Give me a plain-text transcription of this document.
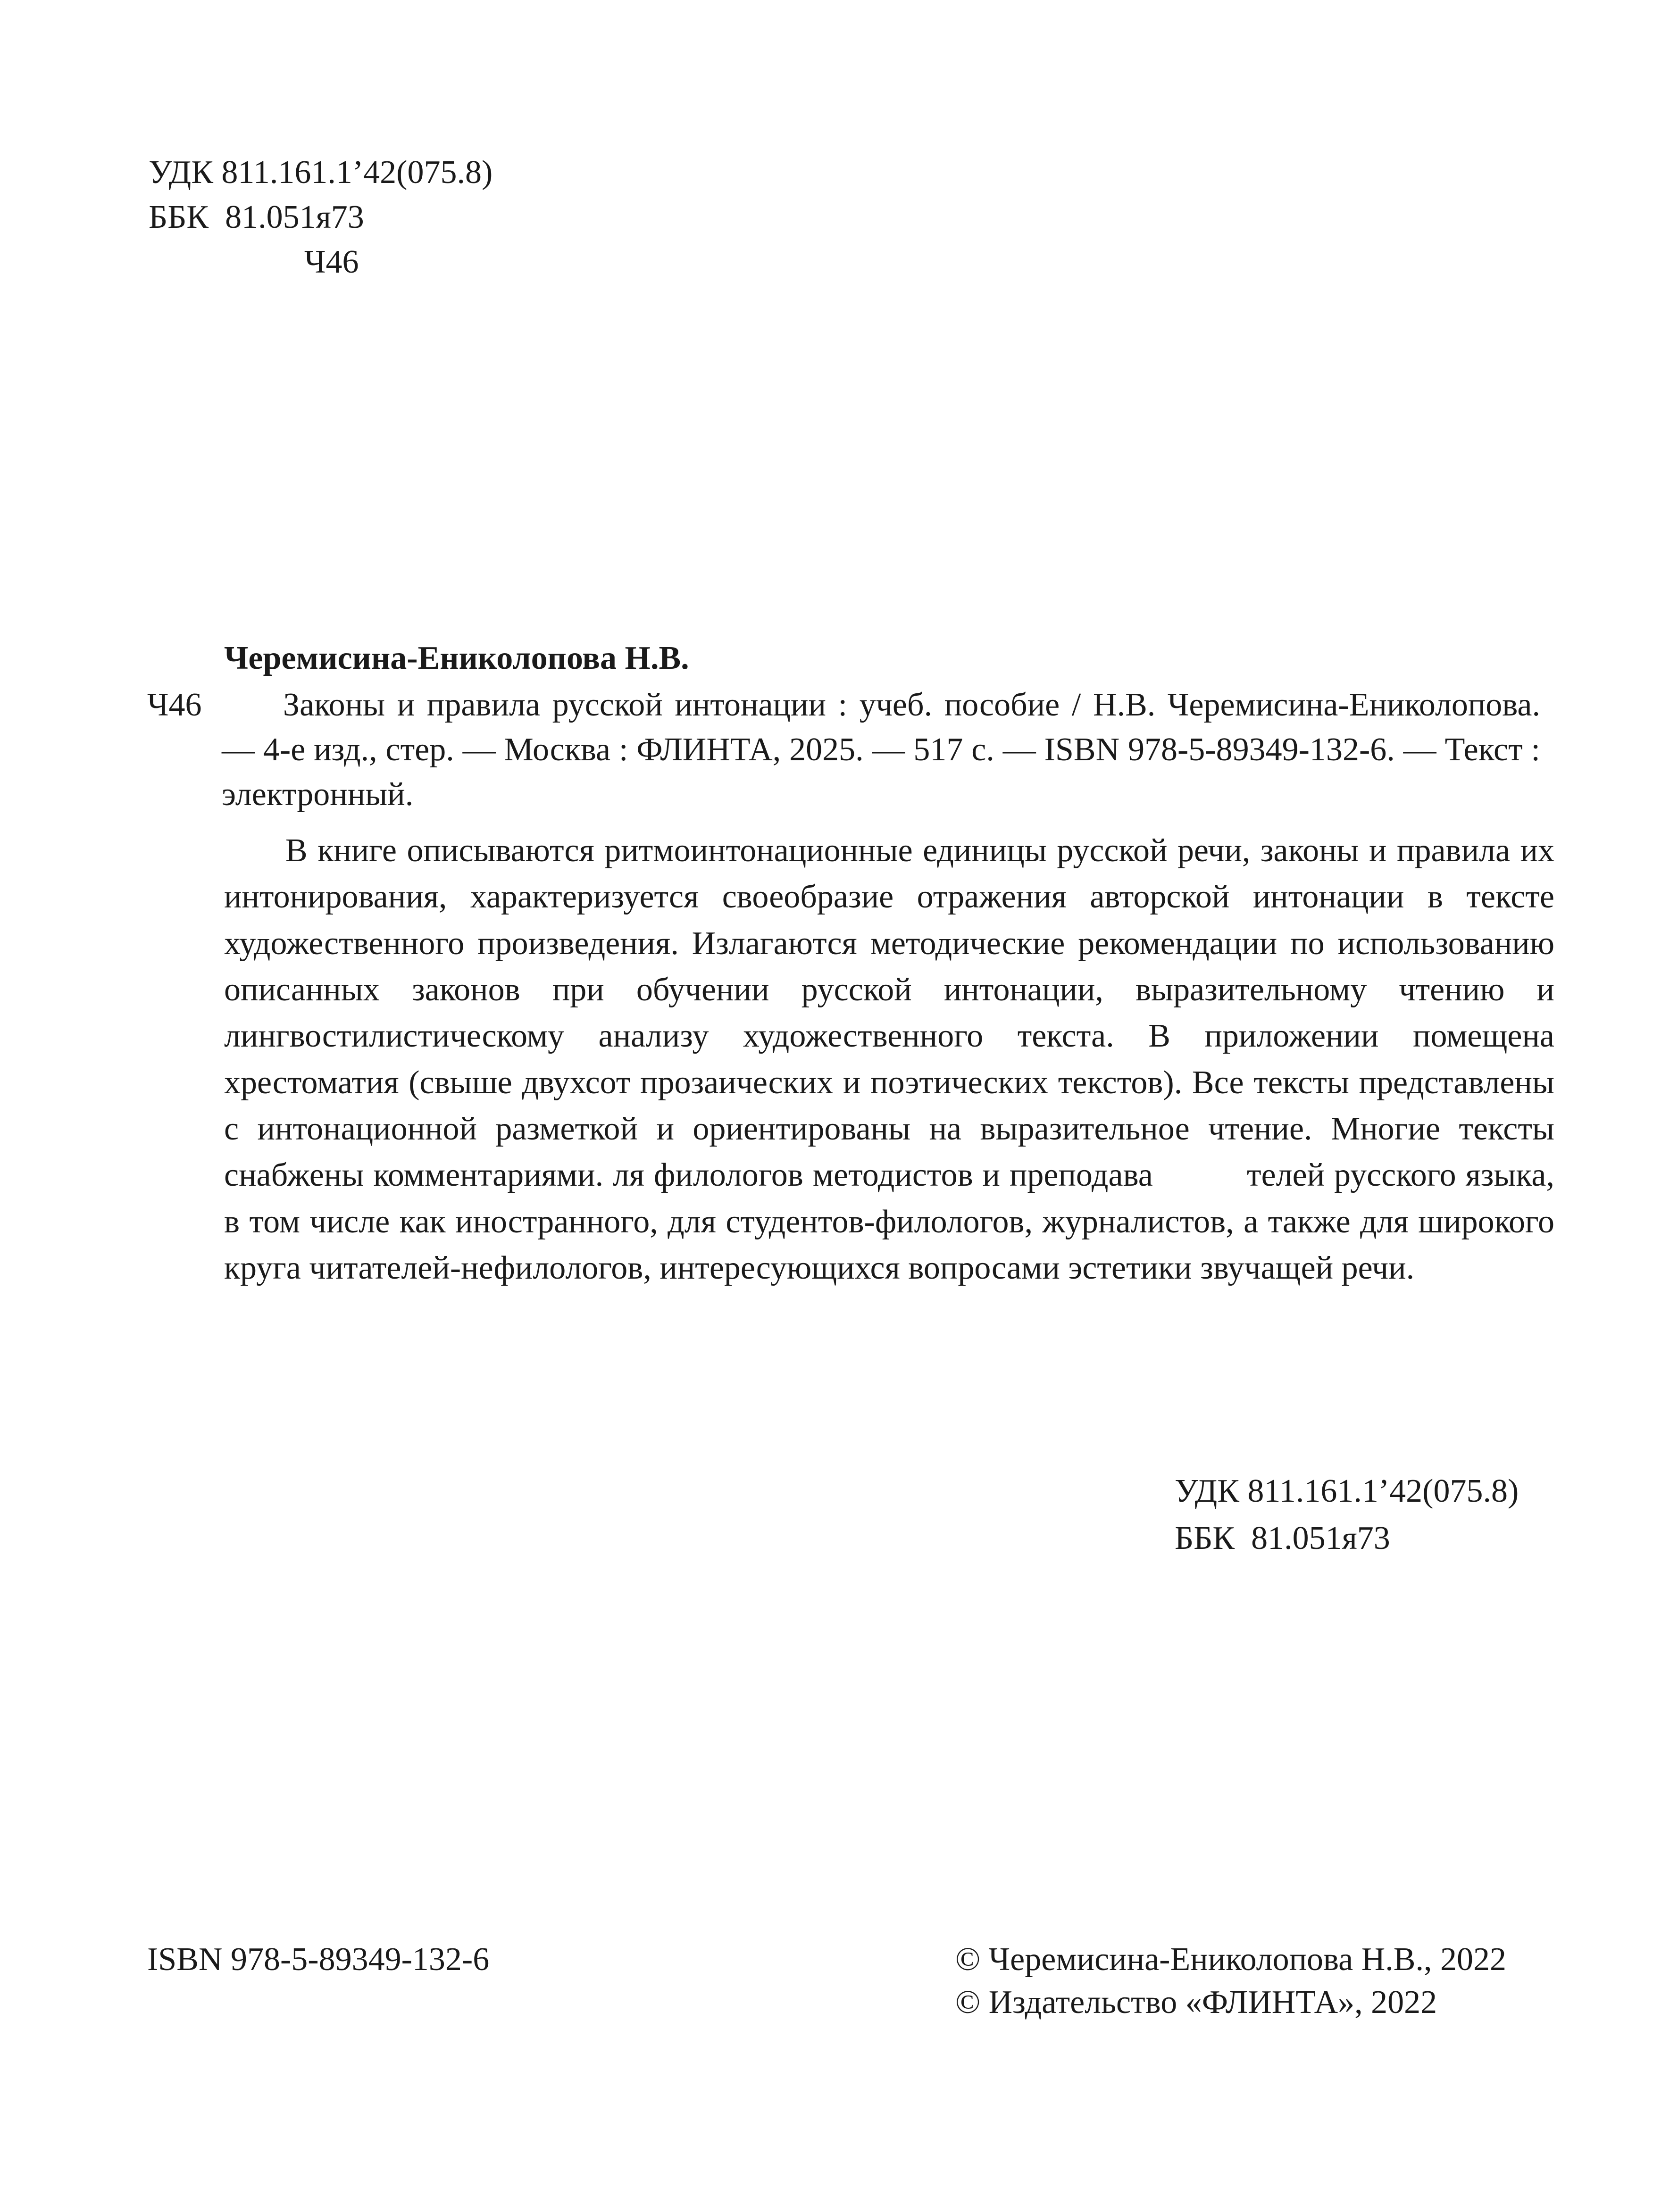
УДК 811.161.1’42(075.8)
ББК  81.051я73
Ч46
Черемисина-Ениколопова Н.В.
Ч46	Законы и правила русской интонации : учеб. пособие / Н.В. Черемисина-Ениколопова. — 4-е изд., стер. — Москва : ФЛИНТА, 2025. — 517 с. — ISBN 978-5-89349-132-6. — Текст : электронный.
В книге описываются ритмоинтонационные единицы русской речи, законы и правила их интонирования, характеризуется своеобразие отражения авторской интонации в тексте художественного произведения. Излагаются методические рекомендации по использованию описанных законов при обучении русской интонации, выразительному чтению и лингвостилистическому анализу художественного текста. В приложении помещена хрестоматия (свыше двухсот прозаических и поэтических текстов). Все тексты представлены с интонационной разметкой и ориентированы на выразительное чтение. Многие тексты снабжены комментариями. ля филологов методистов и преподава          телей русского языка, в том числе как иностранного, для студентов-филологов, журналистов, а также для широкого круга читателей-нефилологов, интересующихся вопросами эстетики звучащей речи.
УДК 811.161.1’42(075.8)
ББК  81.051я73
ISBN 978-5-89349-132-6	© Черемисина-Ениколопова Н.В., 2022
© Издательство «ФЛИНТА», 2022
